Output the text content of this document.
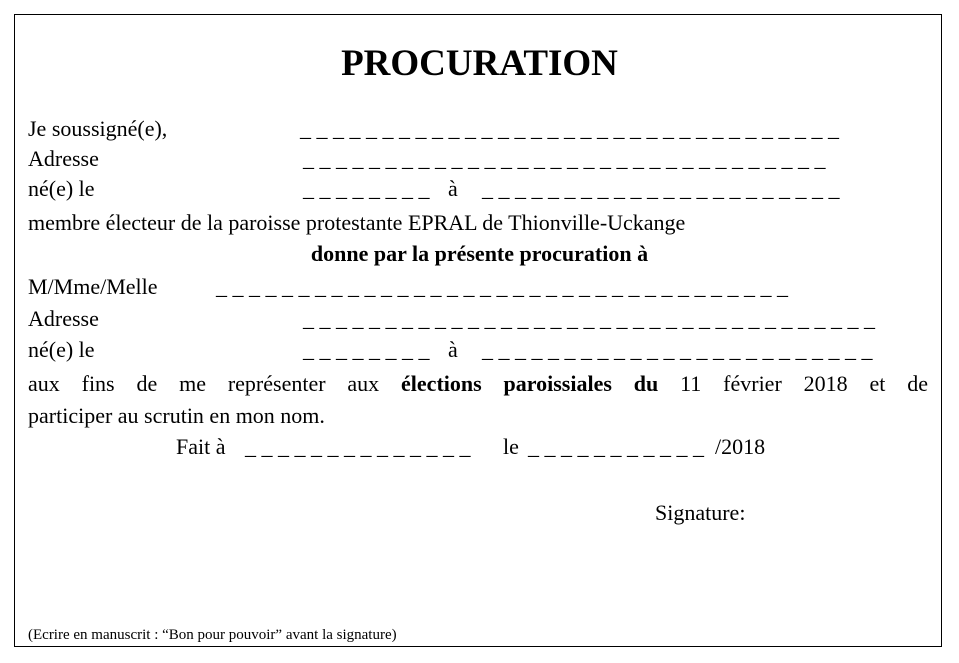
PROCURATION
Je soussigné(e),	_ _ _ _ _ _ _ _ _ _ _ _ _ _ _ _ _ _ _ _ _ _ _ _ _ _ _ _ _ _ _ _ _
Adresse	_ _ _ _ _ _ _ _ _ _ _ _ _ _ _ _ _ _ _ _ _ _ _ _ _ _ _ _ _ _ _ _
né(e) le	_ _ _ _ _ _ _ _ à _ _ _ _ _ _ _ _ _ _ _ _ _ _ _ _ _ _ _ _ _ _
membre électeur de la paroisse protestante EPRAL de Thionville-Uckange
donne par la présente procuration à
M/Mme/Melle	_ _ _ _ _ _ _ _ _ _ _ _ _ _ _ _ _ _ _ _ _ _ _ _ _ _ _ _ _ _ _ _ _ _ _
Adresse	_ _ _ _ _ _ _ _ _ _ _ _ _ _ _ _ _ _ _ _ _ _ _ _ _ _ _ _ _ _ _ _ _ _ _
né(e) le	_ _ _ _ _ _ _ _ à _ _ _ _ _ _ _ _ _ _ _ _ _ _ _ _ _ _ _ _ _ _ _ _
aux fins de me représenter aux élections paroissiales du 11 février 2018 et de
participer au scrutin en mon nom.
Fait à _ _ _ _ _ _ _ _ _ _ _ _ _ _ le _ _ _ _ _ _ _ _ _ _ _ /2018
Signature:
(Ecrire en manuscrit : “Bon pour pouvoir” avant la signature)
